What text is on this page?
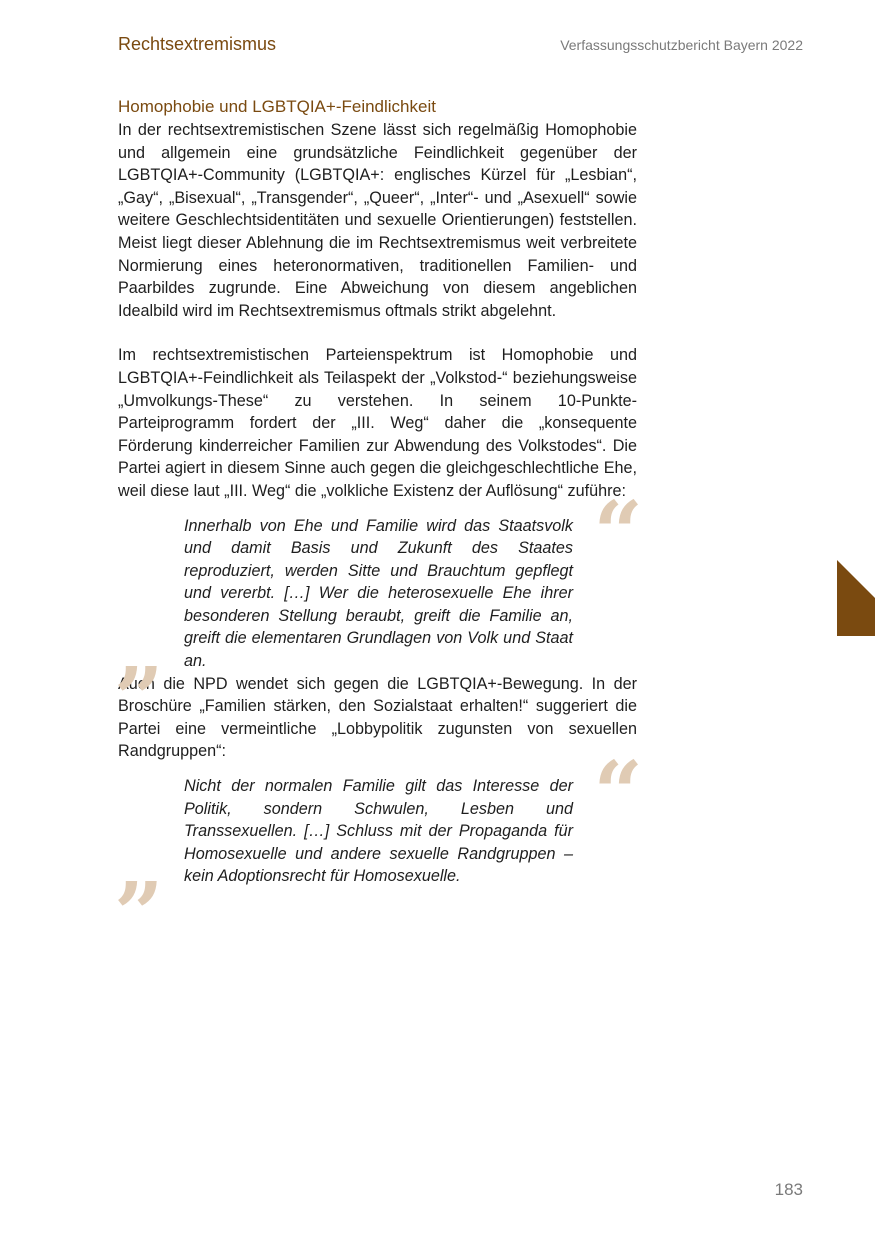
Rechtsextremismus	Verfassungsschutzbericht Bayern 2022
Homophobie und LGBTQIA+-Feindlichkeit

In der rechtsextremistischen Szene lässt sich regelmäßig Homophobie und allgemein eine grundsätzliche Feindlichkeit gegenüber der LGBTQIA+-Community (LGBTQIA+: englisches Kürzel für „Lesbian“, „Gay“, „Bisexual“, „Transgender“, „Queer“, „Inter“- und „Asexuell“ sowie weitere Geschlechtsidentitäten und sexuelle Orientierungen) feststellen. Meist liegt dieser Ablehnung die im Rechtsextremismus weit verbreitete Normierung eines heteronormativen, traditionellen Familien- und Paarbildes zugrunde. Eine Abweichung von diesem angeblichen Idealbild wird im Rechtsextremismus oftmals strikt abgelehnt.

Im rechtsextremistischen Parteienspektrum ist Homophobie und LGBTQIA+-Feindlichkeit als Teilaspekt der „Volkstod-“ beziehungsweise „Umvolkungs-These“ zu verstehen. In seinem 10-Punkte-Parteiprogramm fordert der „III. Weg“ daher die „konsequente Förderung kinderreicher Familien zur Abwendung des Volkstodes“. Die Partei agiert in diesem Sinne auch gegen die gleichgeschlechtliche Ehe, weil diese laut „III. Weg“ die „volkliche Existenz der Auflösung“ zuführe:

“

Innerhalb von Ehe und Familie wird das Staatsvolk und damit Basis und Zukunft des Staates reproduziert, werden Sitte und Brauchtum gepflegt und vererbt. […] Wer die heterosexuelle Ehe ihrer besonderen Stellung beraubt, greift die Familie an, greift die elementaren Grundlagen von Volk und Staat an.

”

Auch die NPD wendet sich gegen die LGBTQIA+-Bewegung. In der Broschüre „Familien stärken, den Sozialstaat erhalten!“ suggeriert die Partei eine vermeintliche „Lobbypolitik zugunsten von sexuellen Randgruppen“:	“

Nicht der normalen Familie gilt das Interesse der Politik, sondern Schwulen, Lesben und Transsexuellen. […] Schluss mit der Propaganda für Homosexuelle und andere sexuelle Randgruppen – kein Adoptionsrecht für Homosexuelle.

”
183
